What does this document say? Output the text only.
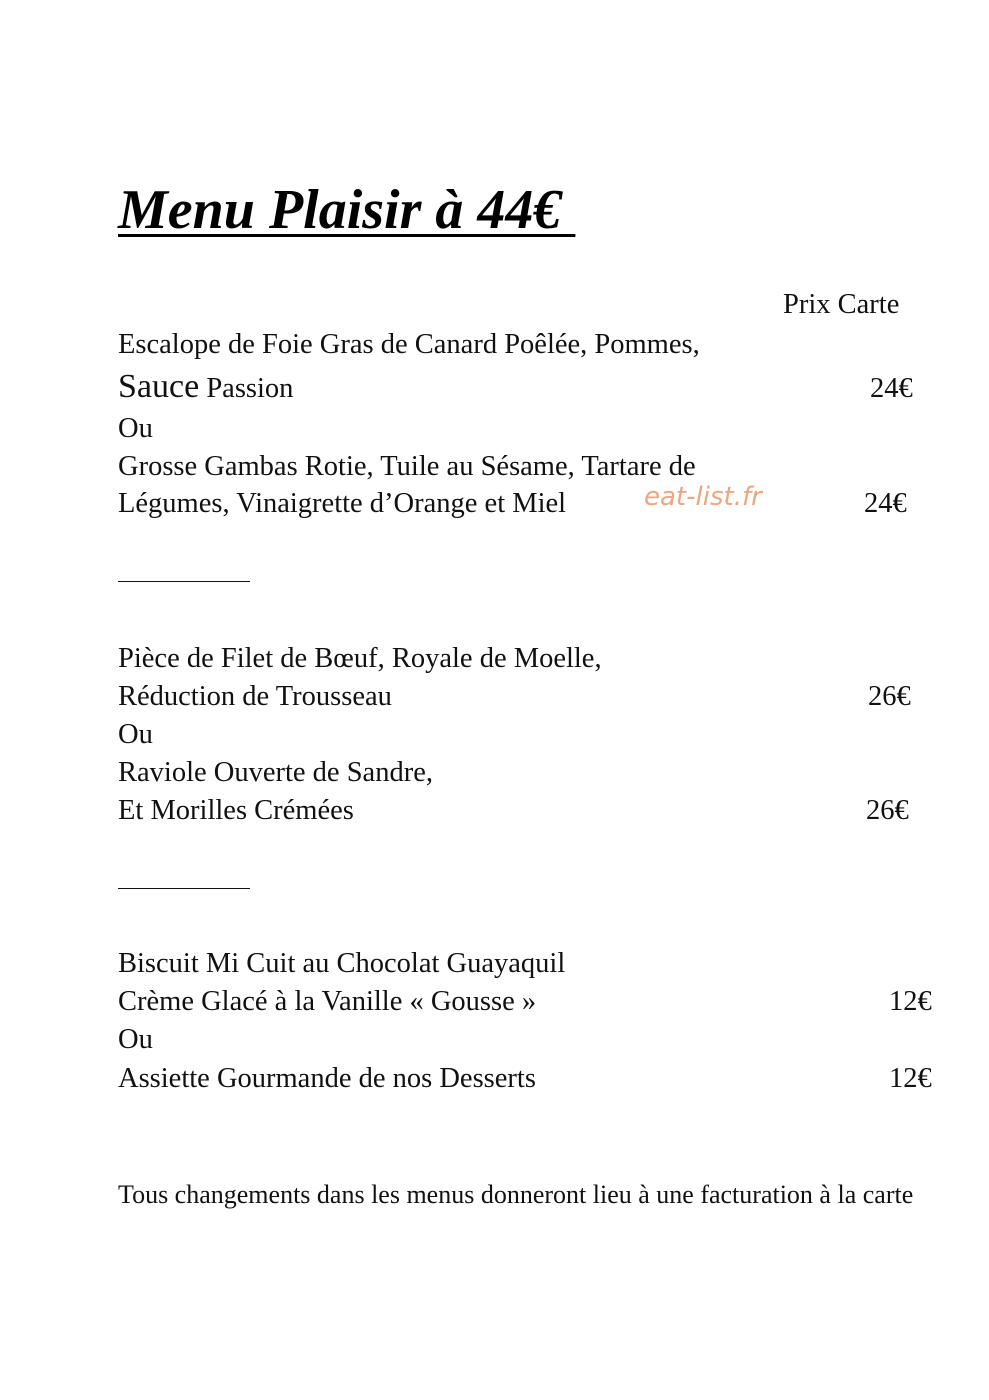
Menu Plaisir à 44€
Prix Carte
Escalope de Foie Gras de Canard Poêlée, Pommes,
Sauce Passion	24€
Ou
Grosse Gambas Rotie, Tuile au Sésame, Tartare de
Légumes, Vinaigrette d’Orange et Miel	eat-list.fr	24€
Pièce de Filet de Bœuf, Royale de Moelle,
Réduction de Trousseau	26€
Ou
Raviole Ouverte de Sandre,
Et Morilles Crémées	26€
Biscuit Mi Cuit au Chocolat Guayaquil
Crème Glacé à la Vanille « Gousse »	12€
Ou
Assiette Gourmande de nos Desserts	12€
Tous changements dans les menus donneront lieu à une facturation à la carte
